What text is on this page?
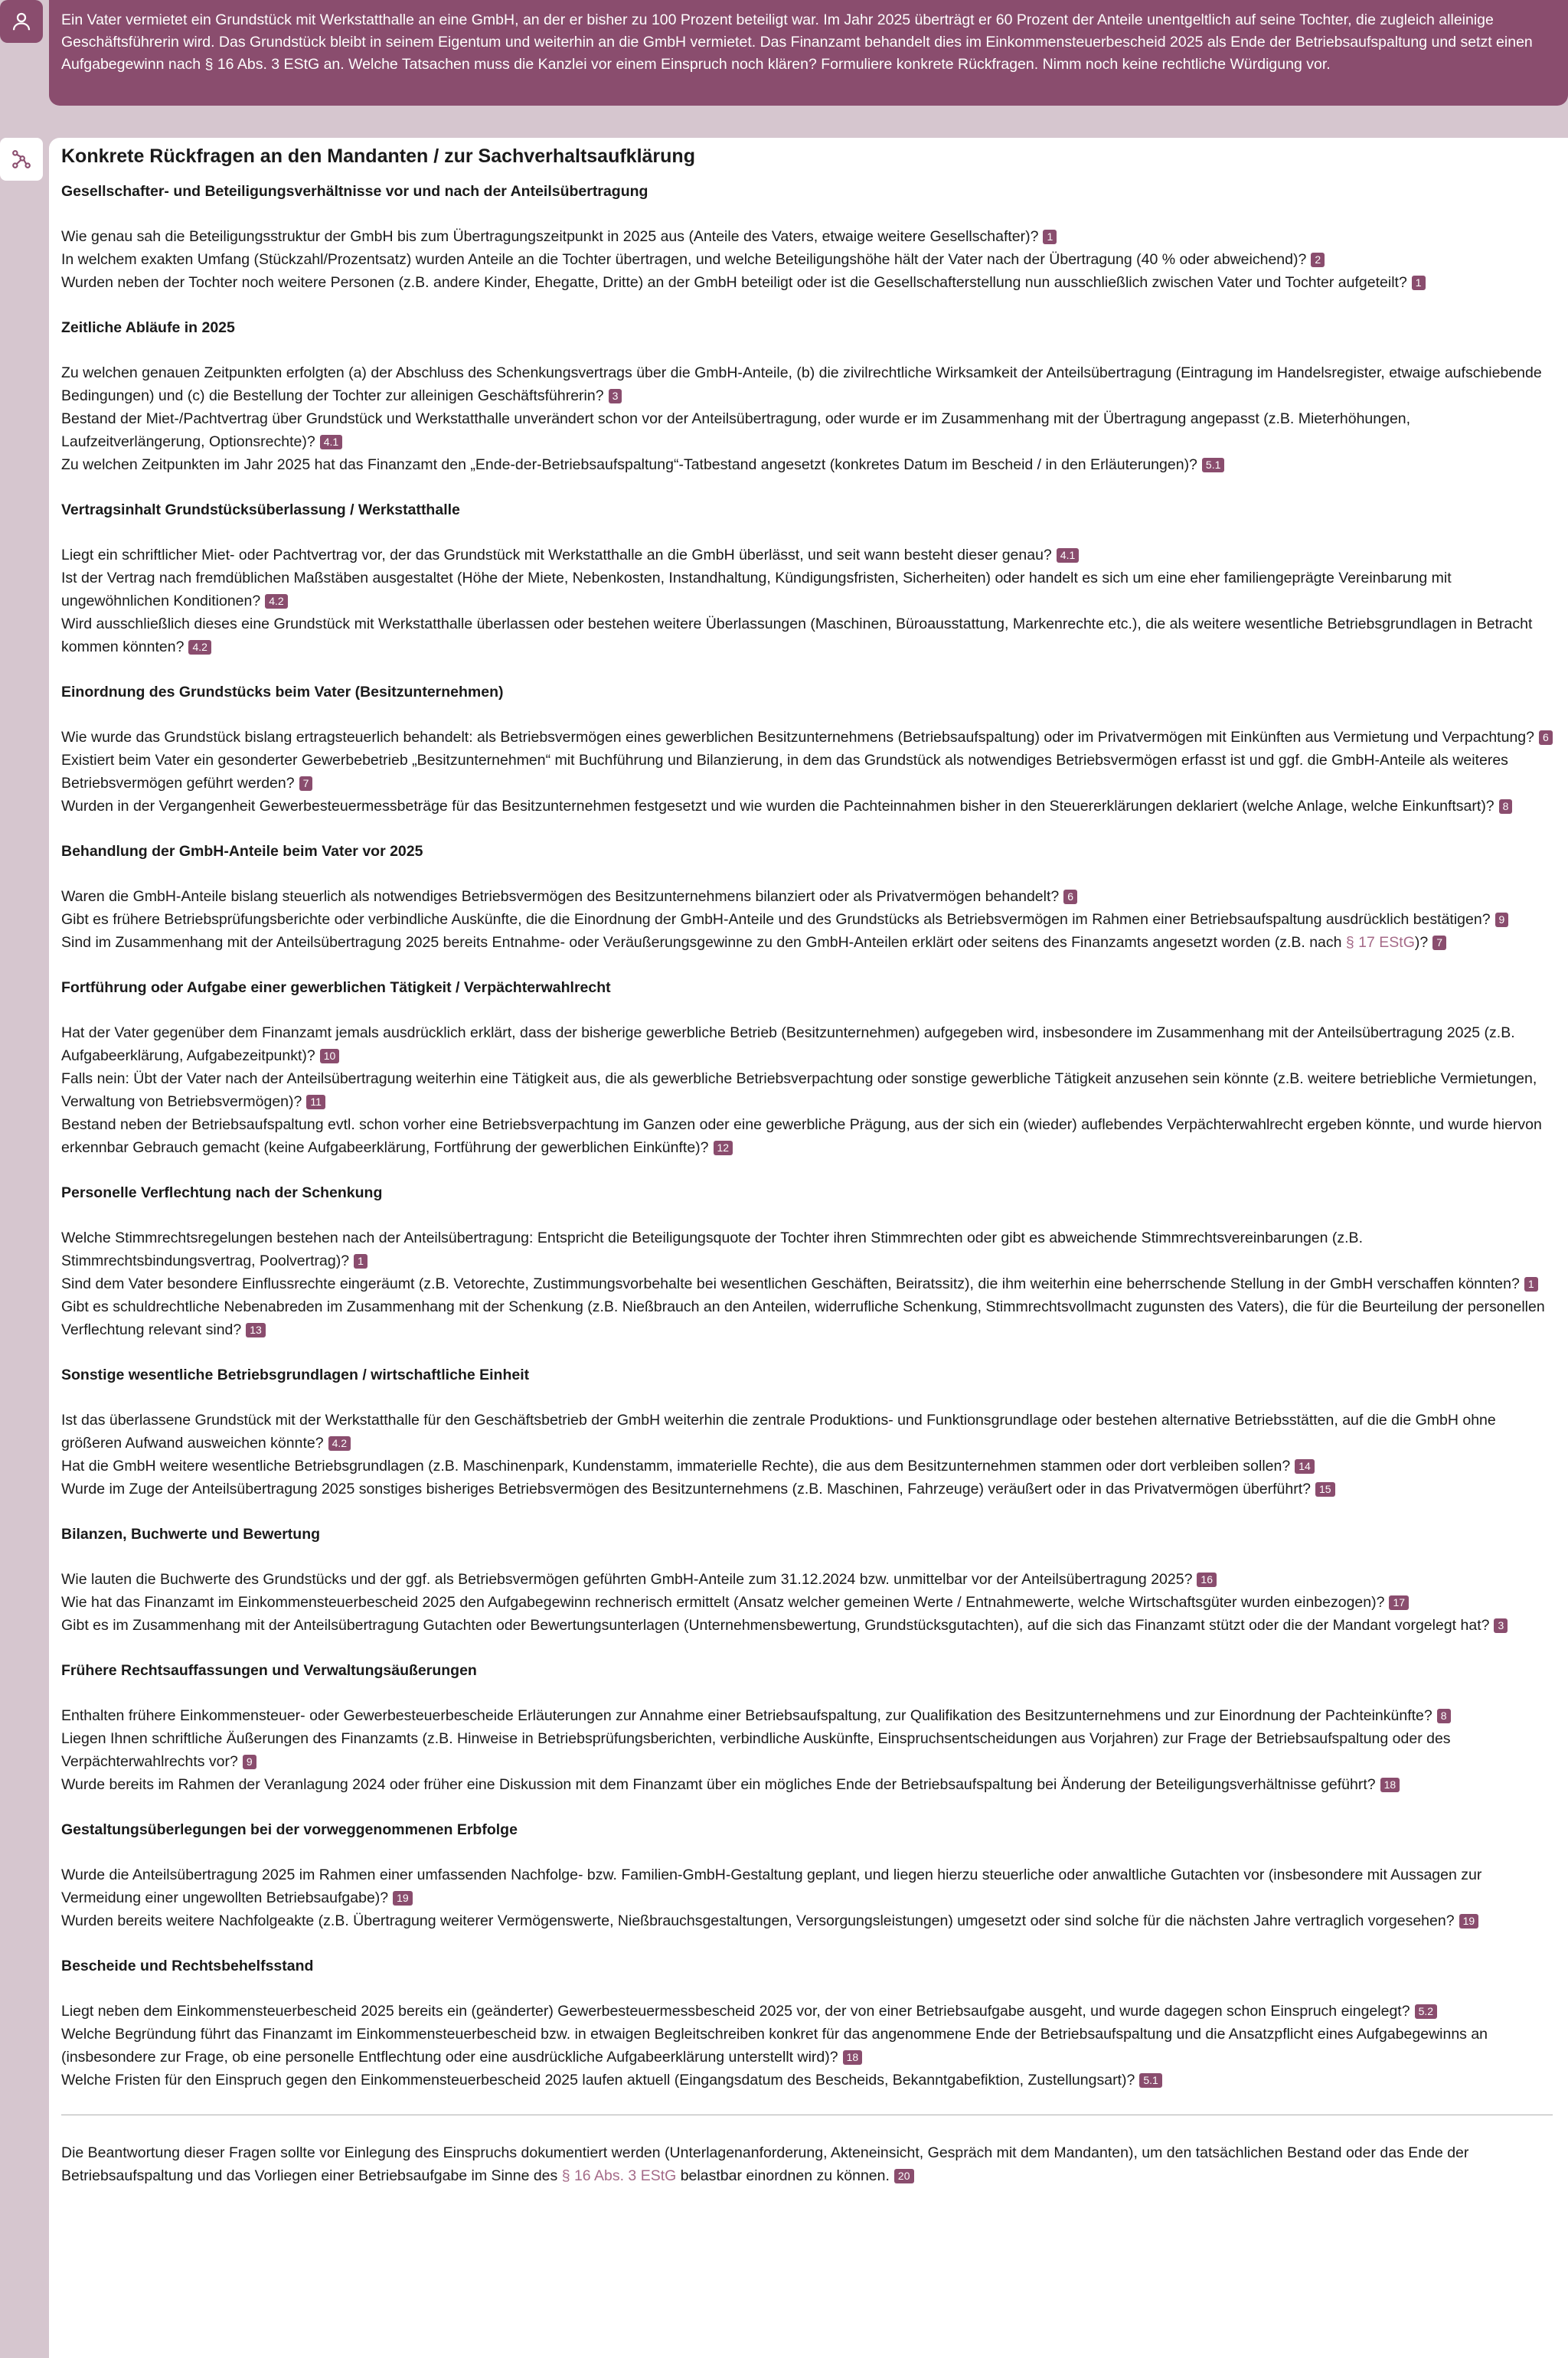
Ein Vater vermietet ein Grundstück mit Werkstatthalle an eine GmbH, an der er bisher zu 100 Prozent beteiligt war. Im Jahr 2025 überträgt er 60 Prozent der Anteile unentgeltlich auf seine Tochter, die zugleich alleinige Geschäftsführerin wird. Das Grundstück bleibt in seinem Eigentum und weiterhin an die GmbH vermietet. Das Finanzamt behandelt dies im Einkommensteuerbescheid 2025 als Ende der Betriebsaufspaltung und setzt einen Aufgabegewinn nach § 16 Abs. 3 EStG an. Welche Tatsachen muss die Kanzlei vor einem Einspruch noch klären? Formuliere konkrete Rückfragen. Nimm noch keine rechtliche Würdigung vor.
Konkrete Rückfragen an den Mandanten / zur Sachverhaltsaufklärung
Gesellschafter- und Beteiligungsverhältnisse vor und nach der Anteilsübertragung
Wie genau sah die Beteiligungsstruktur der GmbH bis zum Übertragungszeitpunkt in 2025 aus (Anteile des Vaters, etwaige weitere Gesellschafter)? 1
In welchem exakten Umfang (Stückzahl/Prozentsatz) wurden Anteile an die Tochter übertragen, und welche Beteiligungshöhe hält der Vater nach der Übertragung (40 % oder abweichend)? 2
Wurden neben der Tochter noch weitere Personen (z.B. andere Kinder, Ehegatte, Dritte) an der GmbH beteiligt oder ist die Gesellschafterstellung nun ausschließlich zwischen Vater und Tochter aufgeteilt? 1
Zeitliche Abläufe in 2025
Zu welchen genauen Zeitpunkten erfolgten (a) der Abschluss des Schenkungsvertrags über die GmbH-Anteile, (b) die zivilrechtliche Wirksamkeit der Anteilsübertragung (Eintragung im Handelsregister, etwaige aufschiebende Bedingungen) und (c) die Bestellung der Tochter zur alleinigen Geschäftsführerin? 3
Bestand der Miet-/Pachtvertrag über Grundstück und Werkstatthalle unverändert schon vor der Anteilsübertragung, oder wurde er im Zusammenhang mit der Übertragung angepasst (z.B. Mieterhöhungen, Laufzeitverlängerung, Optionsrechte)? 4.1
Zu welchen Zeitpunkten im Jahr 2025 hat das Finanzamt den „Ende-der-Betriebsaufspaltung“-Tatbestand angesetzt (konkretes Datum im Bescheid / in den Erläuterungen)? 5.1
Vertragsinhalt Grundstücksüberlassung / Werkstatthalle
Liegt ein schriftlicher Miet- oder Pachtvertrag vor, der das Grundstück mit Werkstatthalle an die GmbH überlässt, und seit wann besteht dieser genau? 4.1
Ist der Vertrag nach fremdüblichen Maßstäben ausgestaltet (Höhe der Miete, Nebenkosten, Instandhaltung, Kündigungsfristen, Sicherheiten) oder handelt es sich um eine eher familiengeprägte Vereinbarung mit ungewöhnlichen Konditionen? 4.2
Wird ausschließlich dieses eine Grundstück mit Werkstatthalle überlassen oder bestehen weitere Überlassungen (Maschinen, Büroausstattung, Markenrechte etc.), die als weitere wesentliche Betriebsgrundlagen in Betracht kommen könnten? 4.2
Einordnung des Grundstücks beim Vater (Besitzunternehmen)
Wie wurde das Grundstück bislang ertragsteuerlich behandelt: als Betriebsvermögen eines gewerblichen Besitzunternehmens (Betriebsaufspaltung) oder im Privatvermögen mit Einkünften aus Vermietung und Verpachtung? 6
Existiert beim Vater ein gesonderter Gewerbebetrieb „Besitzunternehmen“ mit Buchführung und Bilanzierung, in dem das Grundstück als notwendiges Betriebsvermögen erfasst ist und ggf. die GmbH-Anteile als weiteres Betriebsvermögen geführt werden? 7
Wurden in der Vergangenheit Gewerbesteuermessbeträge für das Besitzunternehmen festgesetzt und wie wurden die Pachteinnahmen bisher in den Steuererklärungen deklariert (welche Anlage, welche Einkunftsart)? 8
Behandlung der GmbH-Anteile beim Vater vor 2025
Waren die GmbH-Anteile bislang steuerlich als notwendiges Betriebsvermögen des Besitzunternehmens bilanziert oder als Privatvermögen behandelt? 6
Gibt es frühere Betriebsprüfungsberichte oder verbindliche Auskünfte, die die Einordnung der GmbH-Anteile und des Grundstücks als Betriebsvermögen im Rahmen einer Betriebsaufspaltung ausdrücklich bestätigen? 9
Sind im Zusammenhang mit der Anteilsübertragung 2025 bereits Entnahme- oder Veräußerungsgewinne zu den GmbH-Anteilen erklärt oder seitens des Finanzamts angesetzt worden (z.B. nach § 17 EStG)? 7
Fortführung oder Aufgabe einer gewerblichen Tätigkeit / Verpächterwahlrecht
Hat der Vater gegenüber dem Finanzamt jemals ausdrücklich erklärt, dass der bisherige gewerbliche Betrieb (Besitzunternehmen) aufgegeben wird, insbesondere im Zusammenhang mit der Anteilsübertragung 2025 (z.B. Aufgabeerklärung, Aufgabezeitpunkt)? 10
Falls nein: Übt der Vater nach der Anteilsübertragung weiterhin eine Tätigkeit aus, die als gewerbliche Betriebsverpachtung oder sonstige gewerbliche Tätigkeit anzusehen sein könnte (z.B. weitere betriebliche Vermietungen, Verwaltung von Betriebsvermögen)? 11
Bestand neben der Betriebsaufspaltung evtl. schon vorher eine Betriebsverpachtung im Ganzen oder eine gewerbliche Prägung, aus der sich ein (wieder) auflebendes Verpächterwahlrecht ergeben könnte, und wurde hiervon erkennbar Gebrauch gemacht (keine Aufgabeerklärung, Fortführung der gewerblichen Einkünfte)? 12
Personelle Verflechtung nach der Schenkung
Welche Stimmrechtsregelungen bestehen nach der Anteilsübertragung: Entspricht die Beteiligungsquote der Tochter ihren Stimmrechten oder gibt es abweichende Stimmrechtsvereinbarungen (z.B. Stimmrechtsbindungsvertrag, Poolvertrag)? 1
Sind dem Vater besondere Einflussrechte eingeräumt (z.B. Vetorechte, Zustimmungsvorbehalte bei wesentlichen Geschäften, Beiratssitz), die ihm weiterhin eine beherrschende Stellung in der GmbH verschaffen könnten? 1
Gibt es schuldrechtliche Nebenabreden im Zusammenhang mit der Schenkung (z.B. Nießbrauch an den Anteilen, widerrufliche Schenkung, Stimmrechtsvollmacht zugunsten des Vaters), die für die Beurteilung der personellen Verflechtung relevant sind? 13
Sonstige wesentliche Betriebsgrundlagen / wirtschaftliche Einheit
Ist das überlassene Grundstück mit der Werkstatthalle für den Geschäftsbetrieb der GmbH weiterhin die zentrale Produktions- und Funktionsgrundlage oder bestehen alternative Betriebsstätten, auf die die GmbH ohne größeren Aufwand ausweichen könnte? 4.2
Hat die GmbH weitere wesentliche Betriebsgrundlagen (z.B. Maschinenpark, Kundenstamm, immaterielle Rechte), die aus dem Besitzunternehmen stammen oder dort verbleiben sollen? 14
Wurde im Zuge der Anteilsübertragung 2025 sonstiges bisheriges Betriebsvermögen des Besitzunternehmens (z.B. Maschinen, Fahrzeuge) veräußert oder in das Privatvermögen überführt? 15
Bilanzen, Buchwerte und Bewertung
Wie lauten die Buchwerte des Grundstücks und der ggf. als Betriebsvermögen geführten GmbH-Anteile zum 31.12.2024 bzw. unmittelbar vor der Anteilsübertragung 2025? 16
Wie hat das Finanzamt im Einkommensteuerbescheid 2025 den Aufgabegewinn rechnerisch ermittelt (Ansatz welcher gemeinen Werte / Entnahmewerte, welche Wirtschaftsgüter wurden einbezogen)? 17
Gibt es im Zusammenhang mit der Anteilsübertragung Gutachten oder Bewertungsunterlagen (Unternehmensbewertung, Grundstücksgutachten), auf die sich das Finanzamt stützt oder die der Mandant vorgelegt hat? 3
Frühere Rechtsauffassungen und Verwaltungsäußerungen
Enthalten frühere Einkommensteuer- oder Gewerbesteuerbescheide Erläuterungen zur Annahme einer Betriebsaufspaltung, zur Qualifikation des Besitzunternehmens und zur Einordnung der Pachteinkünfte? 8
Liegen Ihnen schriftliche Äußerungen des Finanzamts (z.B. Hinweise in Betriebsprüfungsberichten, verbindliche Auskünfte, Einspruchsentscheidungen aus Vorjahren) zur Frage der Betriebsaufspaltung oder des Verpächterwahlrechts vor? 9
Wurde bereits im Rahmen der Veranlagung 2024 oder früher eine Diskussion mit dem Finanzamt über ein mögliches Ende der Betriebsaufspaltung bei Änderung der Beteiligungsverhältnisse geführt? 18
Gestaltungsüberlegungen bei der vorweggenommenen Erbfolge
Wurde die Anteilsübertragung 2025 im Rahmen einer umfassenden Nachfolge- bzw. Familien-GmbH-Gestaltung geplant, und liegen hierzu steuerliche oder anwaltliche Gutachten vor (insbesondere mit Aussagen zur Vermeidung einer ungewollten Betriebsaufgabe)? 19
Wurden bereits weitere Nachfolgeakte (z.B. Übertragung weiterer Vermögenswerte, Nießbrauchsgestaltungen, Versorgungsleistungen) umgesetzt oder sind solche für die nächsten Jahre vertraglich vorgesehen? 19
Bescheide und Rechtsbehelfsstand
Liegt neben dem Einkommensteuerbescheid 2025 bereits ein (geänderter) Gewerbesteuermessbescheid 2025 vor, der von einer Betriebsaufgabe ausgeht, und wurde dagegen schon Einspruch eingelegt? 5.2
Welche Begründung führt das Finanzamt im Einkommensteuerbescheid bzw. in etwaigen Begleitschreiben konkret für das angenommene Ende der Betriebsaufspaltung und die Ansatzpflicht eines Aufgabegewinns an (insbesondere zur Frage, ob eine personelle Entflechtung oder eine ausdrückliche Aufgabeerklärung unterstellt wird)? 18
Welche Fristen für den Einspruch gegen den Einkommensteuerbescheid 2025 laufen aktuell (Eingangsdatum des Bescheids, Bekanntgabefiktion, Zustellungsart)? 5.1
Die Beantwortung dieser Fragen sollte vor Einlegung des Einspruchs dokumentiert werden (Unterlagenanforderung, Akteneinsicht, Gespräch mit dem Mandanten), um den tatsächlichen Bestand oder das Ende der Betriebsaufspaltung und das Vorliegen einer Betriebsaufgabe im Sinne des § 16 Abs. 3 EStG belastbar einordnen zu können. 20
